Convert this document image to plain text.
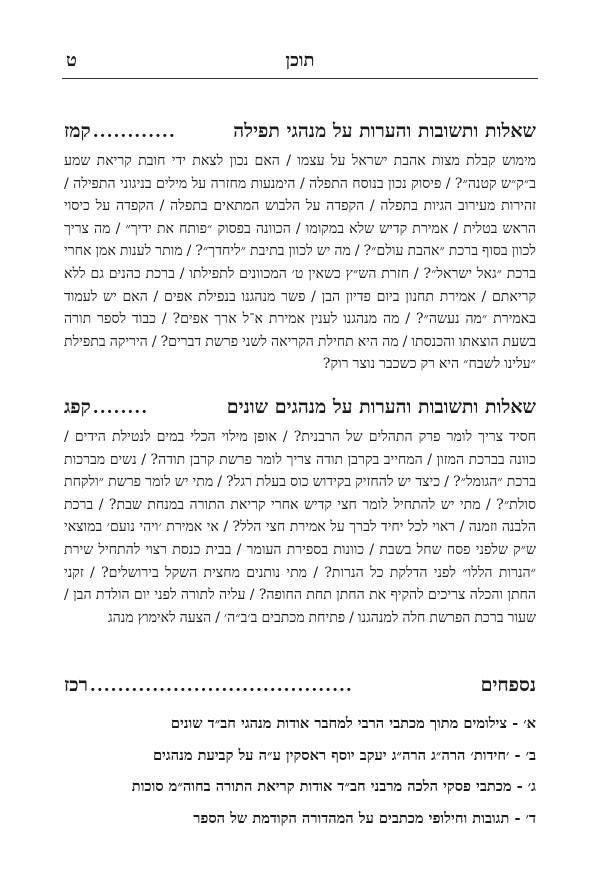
תוכן
ט
שאלות ותשובות והערות על מנהגי תפילה
............
קמז
מימוש קבלת מצות אהבת ישראל על עצמו / האם נכון לצאת ידי חובת קריאת שמע ב״ק״ש קטנה״? / פיסוק נכון בנוסח התפלה / הימנעות מחזרה על מילים בניגוני התפילה / זהירות מעירוב הגיות בתפלה / הקפדה על הלבוש המתאים בתפלה / הקפדה על כיסוי הראש בטלית / אמירת קדיש שלא במקומו / הכוונה בפסוק ״פותח את ידיך״ / מה צריך לכוון בסוף ברכת ״אהבת עולם״? / מה יש לכוון בתיבת ״ליחדך״? / מותר לענות אמן אחרי ברכת ״גאל ישראל״? / חזרת הש״ץ כשאין ט׳ המכוונים לתפילתו / ברכת כהנים גם ללא קריאתם / אמירת תחנון ביום פדיון הבן / פשר מנהגנו בנפילת אפים / האם יש לעמוד באמירת ״מה נעשה״? / מה מנהגנו לענין אמירת א־ל ארך אפים? / כבוד לספר תורה בשעת הוצאתו והכנסתו / מה היא תחילת הקריאה לשני פרשת דברים? / היריקה בתפילת ״עלינו לשבח״ היא רק כשכבר נוצר רוק?
שאלות ותשובות והערות על מנהגים שונים
........
קפג
חסיד צריך לומר פרק התהלים של הרבנית? / אופן מילוי הכלי במים לנטילת הידים / כוונה בברכת המזון / המחייב בקרבן תודה צריך לומר פרשת קרבן תודה? / נשים מברכות ברכת ״הגומל״? / כיצד יש להחזיק בקידוש כוס בעלת רגל? / מתי יש לומר פרשת ״ולקחת סולת״? / מתי יש להתחיל לומר חצי קדיש אחרי קריאת התורה במנחת שבת? / ברכת הלבנה וזמנה / ראוי לכל יחיד לברך על אמירת חצי הלל? / אי אמירת ׳ויהי נועם׳ במוצאי ש״ק שלפני פסח שחל בשבת / כוונות בספירת העומר / בבית כנסת רצוי להתחיל שירת ״הנרות הללו״ לפני הדלקת כל הנרות? / מתי נותנים מחצית השקל בירושלים? / זקני החתן והכלה צריכים להקיף את החתן תחת החופה? / עליה לתורה לפני יום הולדת הבן / שעור ברכת הפרשת חלה למנהגנו / פתיחת מכתבים ב׳ב״ה׳ / הצעה לאימוץ מנהג
נספחים
......................................
רכז
א׳ - צילומים מתוך מכתבי הרבי למחבר אודות מנהגי חב״ד שונים
ב׳ - ׳חידות׳ הרה״ג הרה״ג יעקב יוסף ראסקין ע״ה על קביעת מנהגים
ג׳ - מכתבי פסקי הלכה מרבני חב״ד אודות קריאת התורה בחוה״מ סוכות
ד׳ - תגובות וחילופי מכתבים על המהדורה הקודמת של הספר
